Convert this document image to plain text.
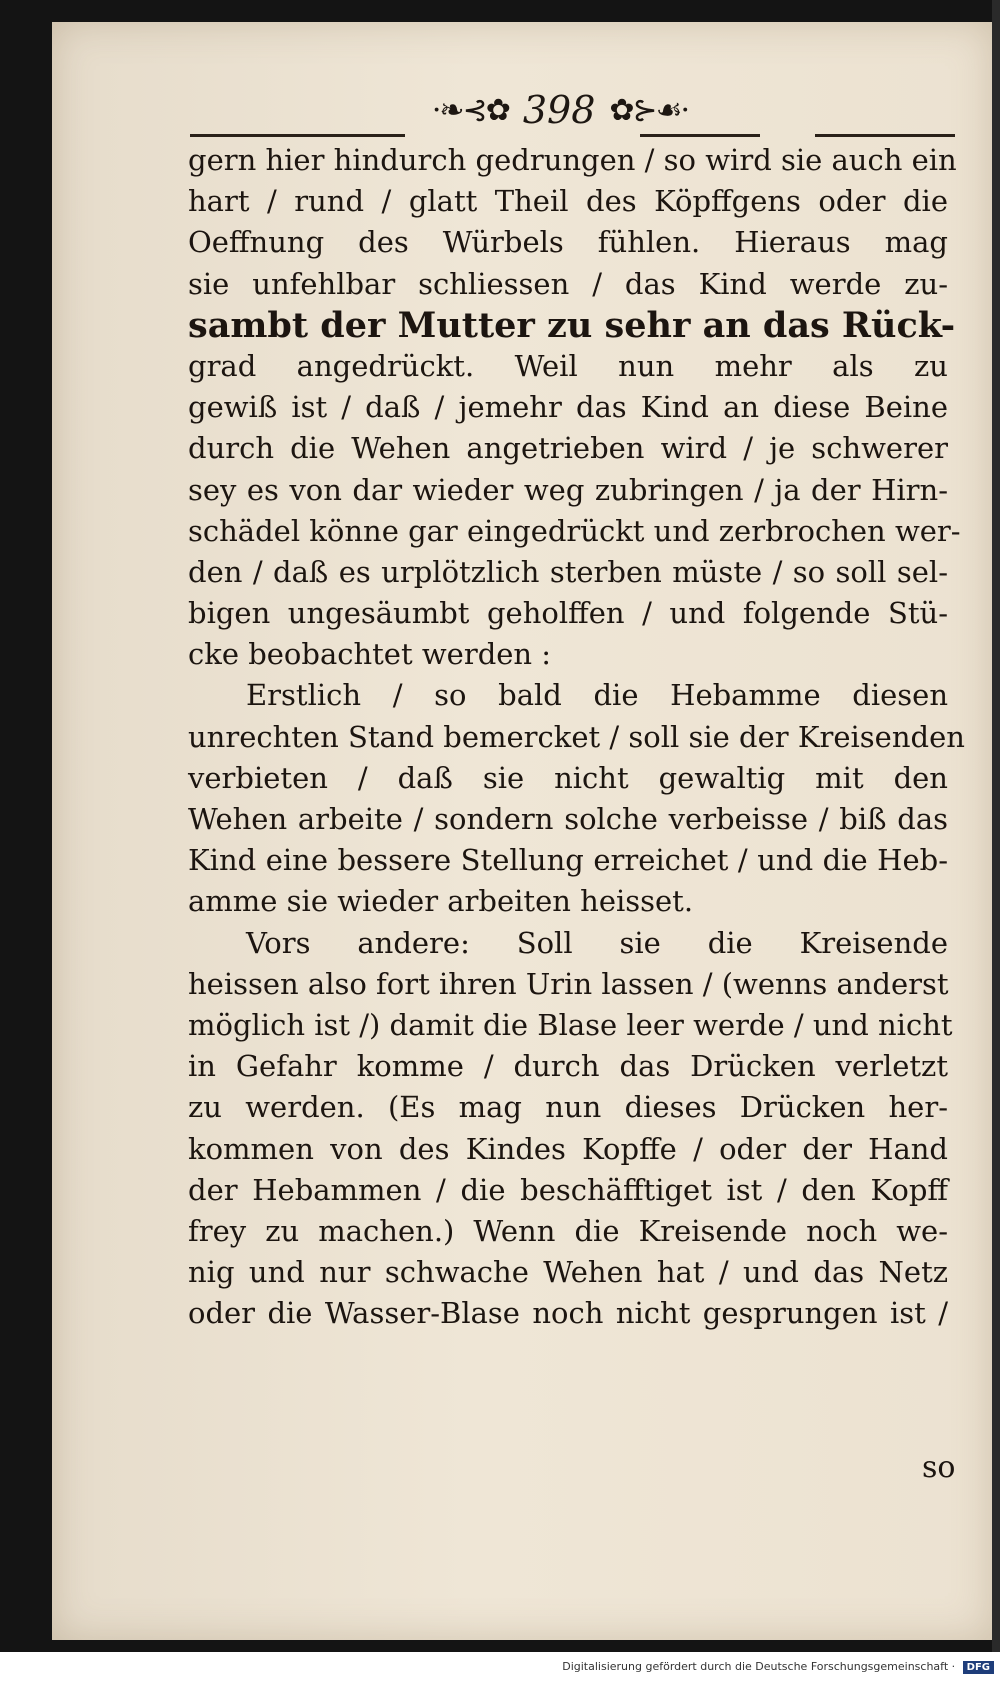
·❧⊰✿ 398 ✿⊱☙·
gern hier hindurch gedrungen / so wird sie auch ein
hart / rund / glatt Theil des Köpffgens oder die
Oeffnung des Würbels fühlen. Hieraus mag
sie unfehlbar schliessen / das Kind werde zu-
sambt der Mutter zu sehr an das Rück-
grad angedrückt. Weil nun mehr als zu
gewiß ist / daß / jemehr das Kind an diese Beine
durch die Wehen angetrieben wird / je schwerer
sey es von dar wieder weg zubringen / ja der Hirn-
schädel könne gar eingedrückt und zerbrochen wer-
den / daß es urplötzlich sterben müste / so soll sel-
bigen ungesäumbt geholffen / und folgende Stü-
cke beobachtet werden :
Erstlich / so bald die Hebamme diesen
unrechten Stand bemercket / soll sie der Kreisenden
verbieten / daß sie nicht gewaltig mit den
Wehen arbeite / sondern solche verbeisse / biß das
Kind eine bessere Stellung erreichet / und die Heb-
amme sie wieder arbeiten heisset.
Vors andere: Soll sie die Kreisende
heissen also fort ihren Urin lassen / (wenns anderst
möglich ist /) damit die Blase leer werde / und nicht
in Gefahr komme / durch das Drücken verletzt
zu werden. (Es mag nun dieses Drücken her-
kommen von des Kindes Kopffe / oder der Hand
der Hebammen / die beschäfftiget ist / den Kopff
frey zu machen.) Wenn die Kreisende noch we-
nig und nur schwache Wehen hat / und das Netz
oder die Wasser-Blase noch nicht gesprungen ist /
so
Digitalisierung gefördert durch die Deutsche Forschungsgemeinschaft · DFG
